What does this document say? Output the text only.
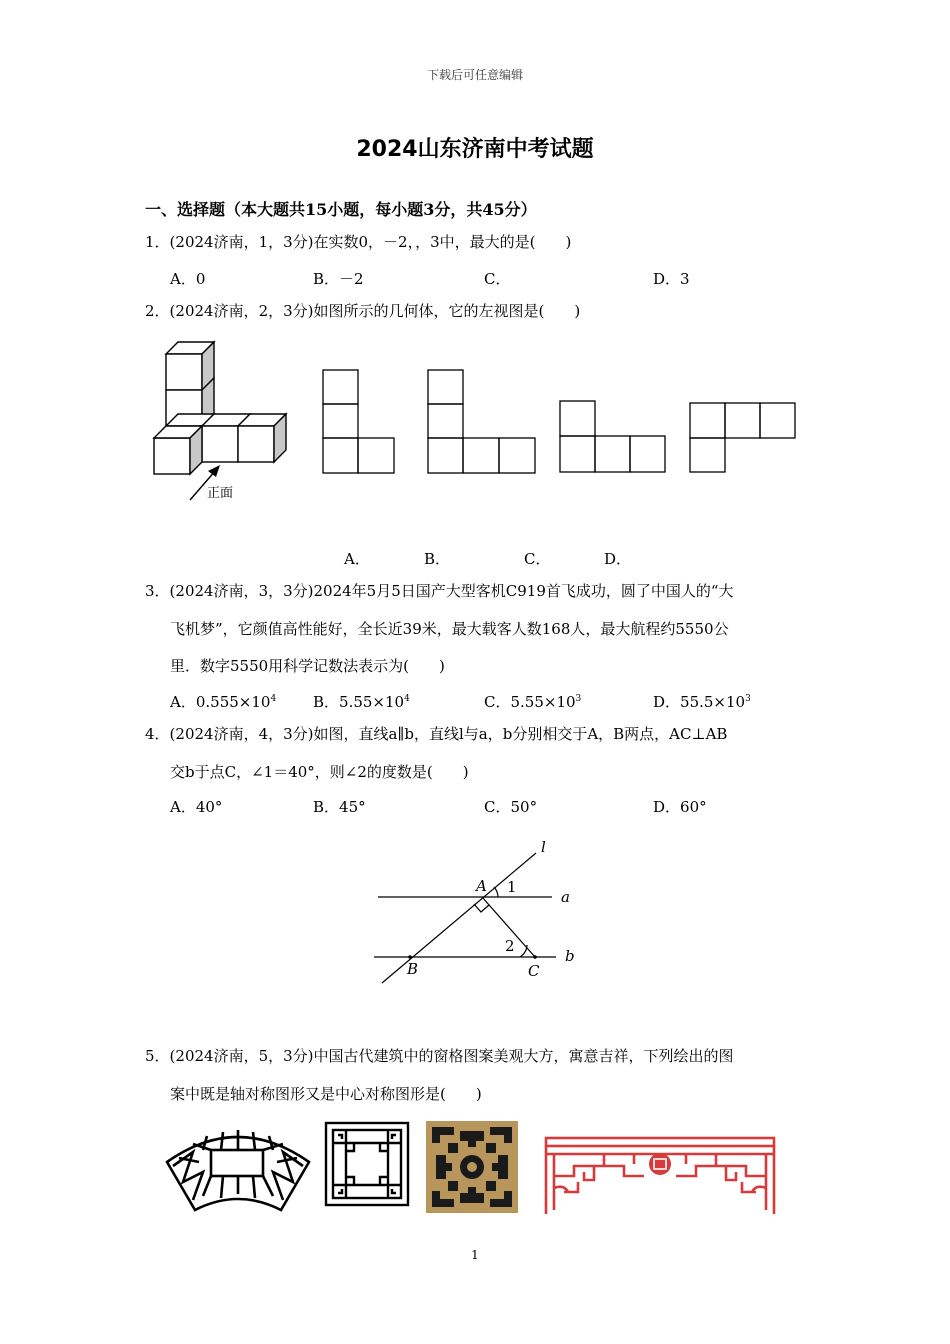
下载后可任意编辑
2024山东济南中考试题
一、选择题（本大题共15小题，每小题3分，共45分）
1．(2024济南，1，3分)在实数0，－2，，3中，最大的是(　　)
A．0	B．－2	C．	D．3
2．(2024济南，2，3分)如图所示的几何体，它的左视图是(　　)
正面
A．	B．	C．	D．
3．(2024济南，3，3分)2024年5月5日国产大型客机C919首飞成功，圆了中国人的“大
飞机梦”，它颜值高性能好，全长近39米，最大载客人数168人，最大航程约5550公
里．数字5550用科学记数法表示为(　　)
A．$0.555\times 10^4$ B．$5.55\times 10^4$	C．$5.55\times 10^3$	D．$55.5\times 10^3$
4．(2024济南，4，3分)如图，直线a∥b，直线l与a，b分别相交于A，B两点，AC⊥AB
交b于点C，∠1＝40°，则∠2的度数是(　　)
A．40°	B．45°	C．50°	D．60°
l
A 1
a
2
b
B	C
5．(2024济南，5，3分)中国古代建筑中的窗格图案美观大方，寓意吉祥，下列绘出的图
案中既是轴对称图形又是中心对称图形是(　　)
1
